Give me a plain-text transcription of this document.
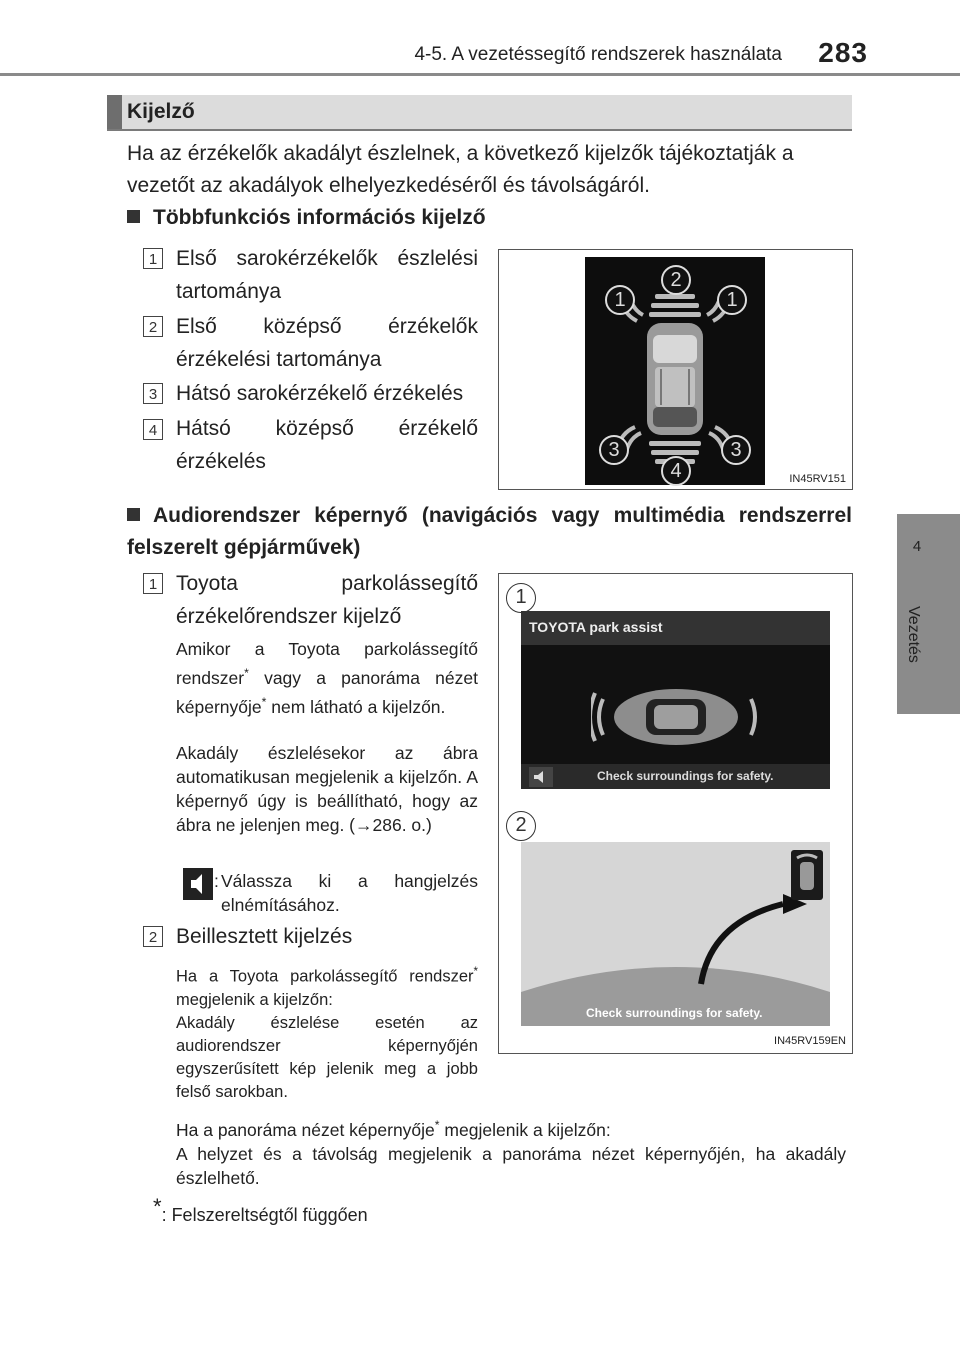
4-5. A vezetéssegítő rendszerek használata 283
4
Vezetés
Kijelző
Ha az érzékelők akadályt észlelnek, a következő kijelzők tájékoztatják a vezetőt az akadályok elhelyezkedéséről és távolságáról.
Többfunkciós információs kijelző
1 Első sarokérzékelők észlelési tartománya
2 Első középső érzékelők érzékelési tartománya
3 Hátsó sarokérzékelő érzékelés
4 Hátsó középső érzékelő érzékelés
2
1	1
3	3
4	IN45RV151
Audiorendszer képernyő (navigációs vagy multimédia rendszerrel felszerelt gépjárművek)
1 Toyota parkolássegítő érzékelőrendszer kijelző
Amikor a Toyota parkolássegítő rendszer* vagy a panoráma nézet képernyője* nem látható a kijelzőn.
Akadály észlelésekor az ábra automatikusan megjelenik a kijelzőn. A képernyő úgy is beállítható, hogy az ábra ne jelenjen meg. (→286. o.)
: Válassza ki a hangjelzés elnémításához.
2 Beillesztett kijelzés
Ha a Toyota parkolássegítő rendszer* megjelenik a kijelzőn:
Akadály észlelése esetén az audiorendszer képernyőjén egyszerűsített kép jelenik meg a jobb felső sarokban.
1
TOYOTA park assist
Check surroundings for safety.
2
Check surroundings for safety.
IN45RV159EN
Ha a panoráma nézet képernyője* megjelenik a kijelzőn:
A helyzet és a távolság megjelenik a panoráma nézet képernyőjén, ha akadály észlelhető.
*: Felszereltségtől függően
